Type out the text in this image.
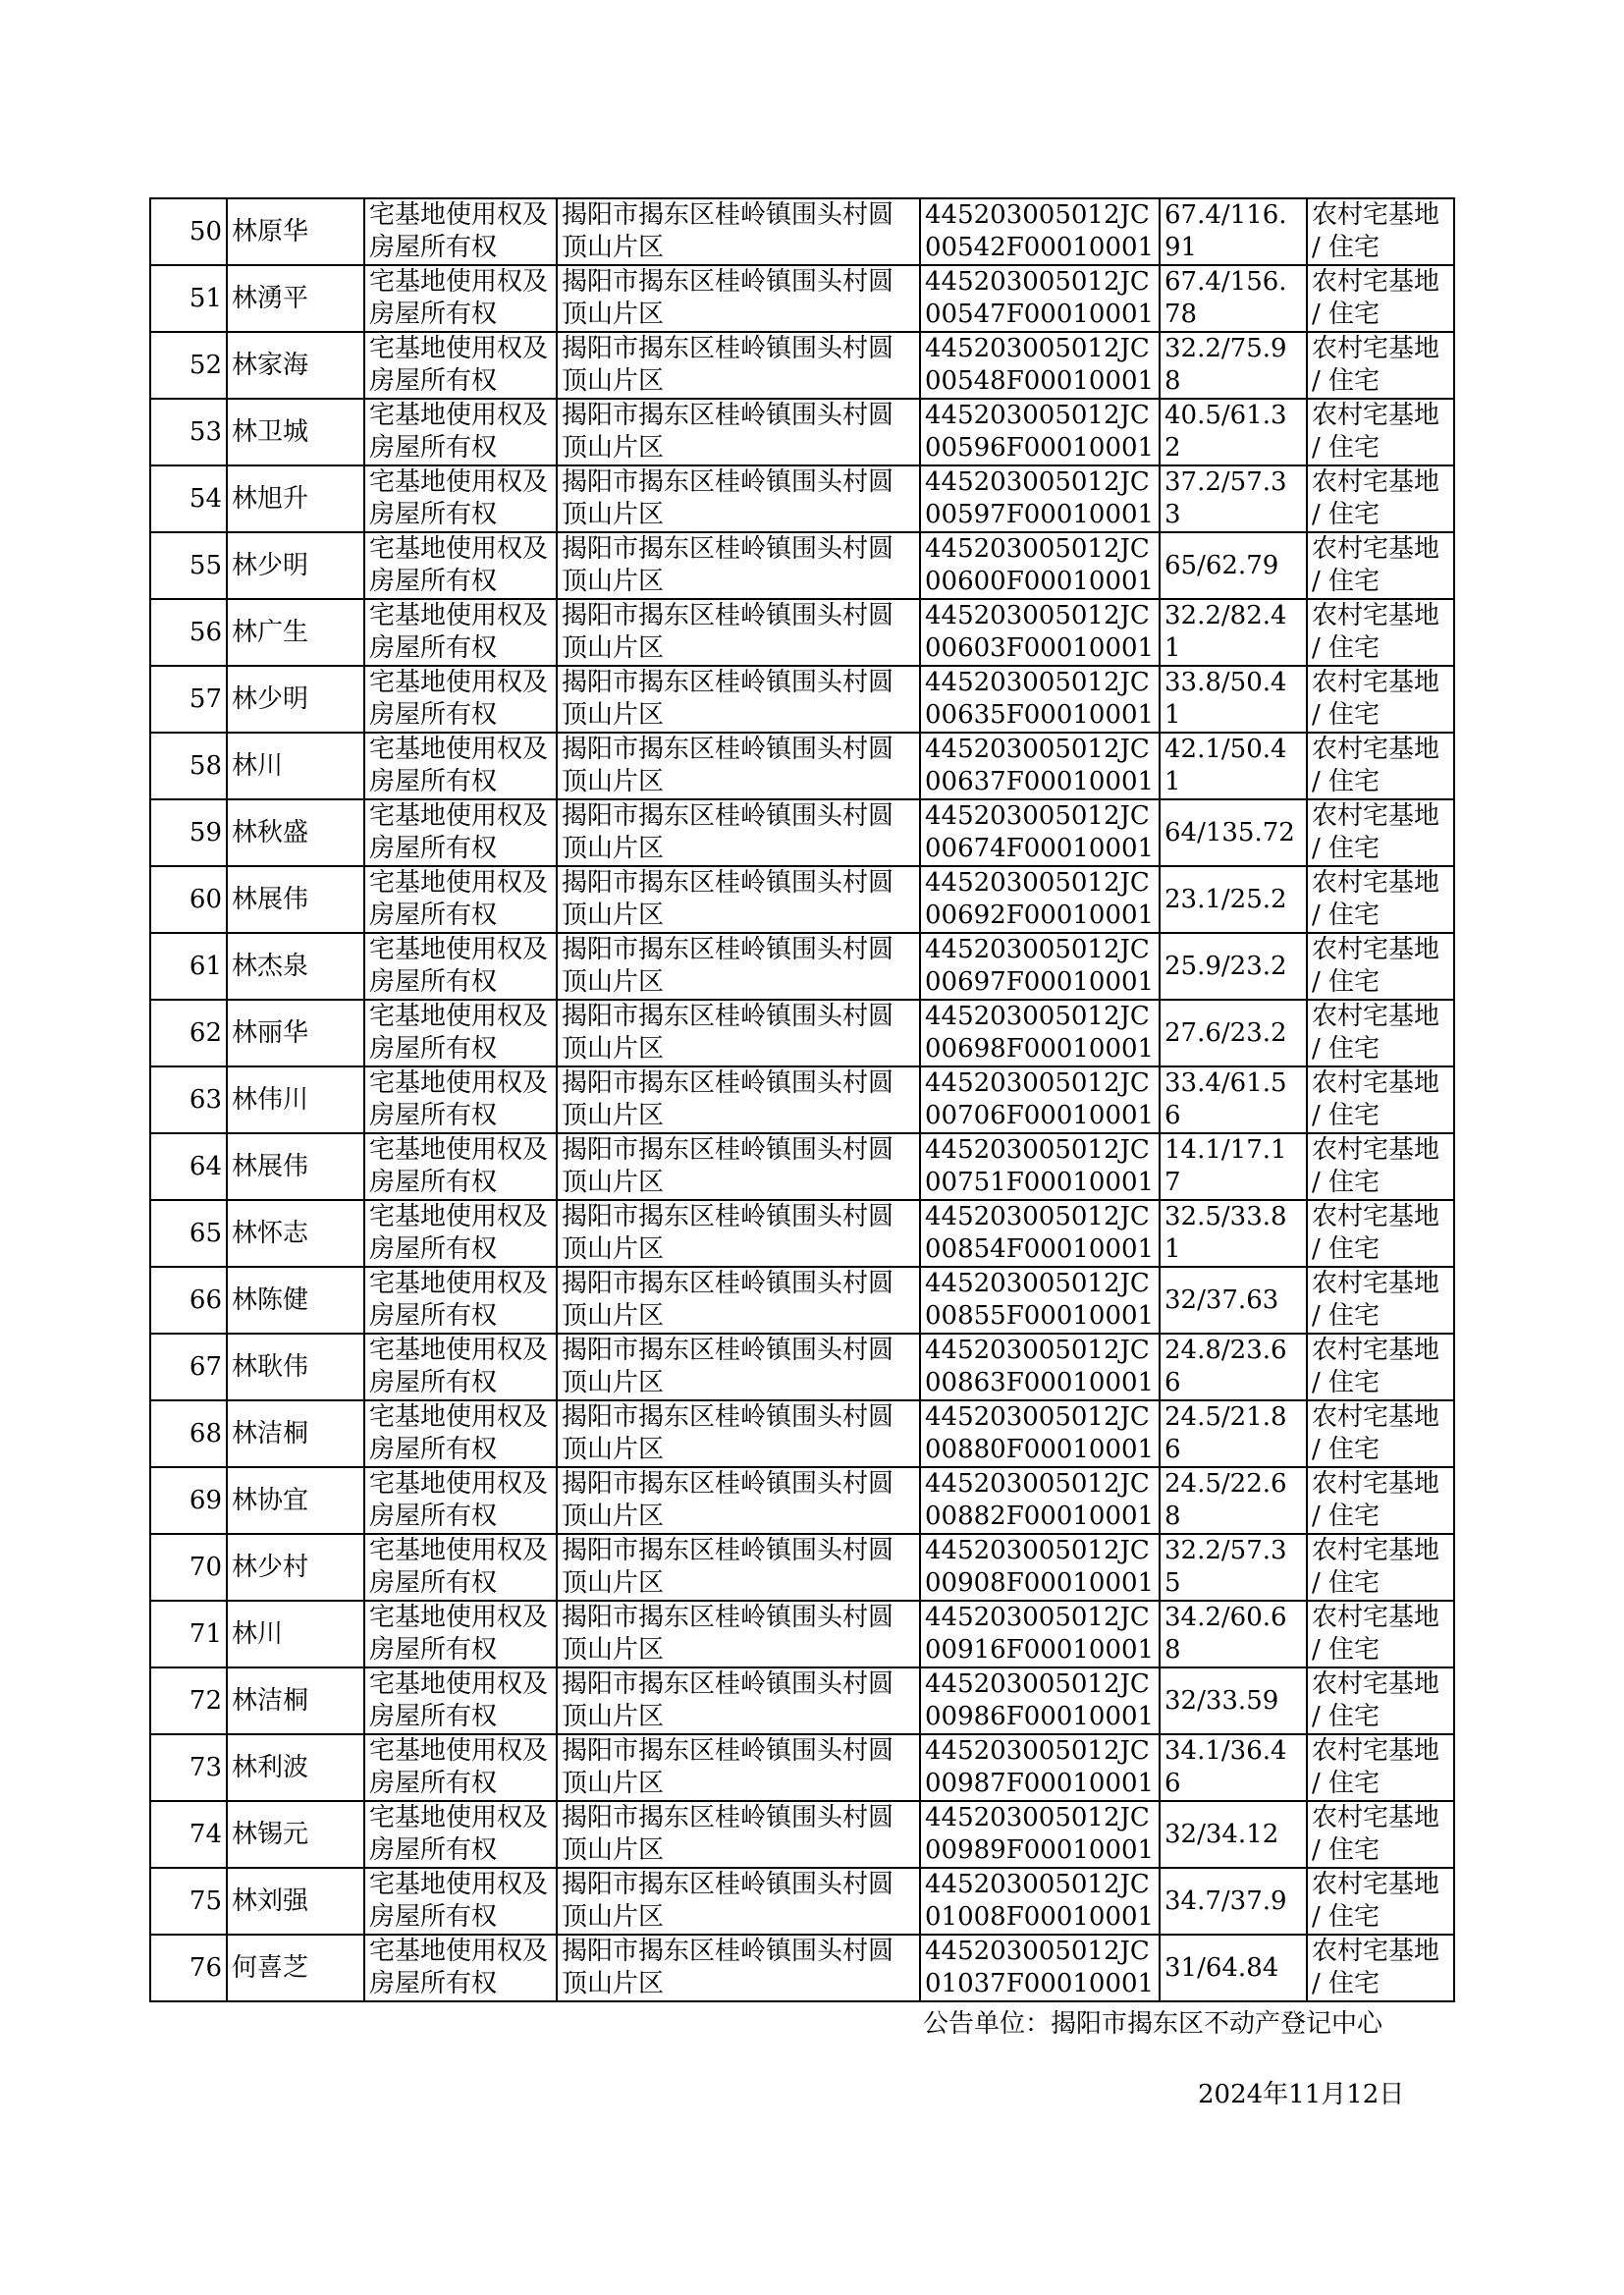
50	林原华	宅基地使用权及房屋所有权	揭阳市揭东区桂岭镇围头村圆顶山片区	445203005012JC00542F00010001	67.4/116.91	农村宅基地 / 住宅
51	林湧平	宅基地使用权及房屋所有权	揭阳市揭东区桂岭镇围头村圆顶山片区	445203005012JC00547F00010001	67.4/156.78	农村宅基地 / 住宅
52	林家海	宅基地使用权及房屋所有权	揭阳市揭东区桂岭镇围头村圆顶山片区	445203005012JC00548F00010001	32.2/75.98	农村宅基地 / 住宅
53	林卫城	宅基地使用权及房屋所有权	揭阳市揭东区桂岭镇围头村圆顶山片区	445203005012JC00596F00010001	40.5/61.32	农村宅基地 / 住宅
54	林旭升	宅基地使用权及房屋所有权	揭阳市揭东区桂岭镇围头村圆顶山片区	445203005012JC00597F00010001	37.2/57.33	农村宅基地 / 住宅
55	林少明	宅基地使用权及房屋所有权	揭阳市揭东区桂岭镇围头村圆顶山片区	445203005012JC00600F00010001	65/62.79	农村宅基地 / 住宅
56	林广生	宅基地使用权及房屋所有权	揭阳市揭东区桂岭镇围头村圆顶山片区	445203005012JC00603F00010001	32.2/82.41	农村宅基地 / 住宅
57	林少明	宅基地使用权及房屋所有权	揭阳市揭东区桂岭镇围头村圆顶山片区	445203005012JC00635F00010001	33.8/50.41	农村宅基地 / 住宅
58	林川	宅基地使用权及房屋所有权	揭阳市揭东区桂岭镇围头村圆顶山片区	445203005012JC00637F00010001	42.1/50.41	农村宅基地 / 住宅
59	林秋盛	宅基地使用权及房屋所有权	揭阳市揭东区桂岭镇围头村圆顶山片区	445203005012JC00674F00010001	64/135.72	农村宅基地 / 住宅
60	林展伟	宅基地使用权及房屋所有权	揭阳市揭东区桂岭镇围头村圆顶山片区	445203005012JC00692F00010001	23.1/25.2	农村宅基地 / 住宅
61	林杰泉	宅基地使用权及房屋所有权	揭阳市揭东区桂岭镇围头村圆顶山片区	445203005012JC00697F00010001	25.9/23.2	农村宅基地 / 住宅
62	林丽华	宅基地使用权及房屋所有权	揭阳市揭东区桂岭镇围头村圆顶山片区	445203005012JC00698F00010001	27.6/23.2	农村宅基地 / 住宅
63	林伟川	宅基地使用权及房屋所有权	揭阳市揭东区桂岭镇围头村圆顶山片区	445203005012JC00706F00010001	33.4/61.56	农村宅基地 / 住宅
64	林展伟	宅基地使用权及房屋所有权	揭阳市揭东区桂岭镇围头村圆顶山片区	445203005012JC00751F00010001	14.1/17.17	农村宅基地 / 住宅
65	林怀志	宅基地使用权及房屋所有权	揭阳市揭东区桂岭镇围头村圆顶山片区	445203005012JC00854F00010001	32.5/33.81	农村宅基地 / 住宅
66	林陈健	宅基地使用权及房屋所有权	揭阳市揭东区桂岭镇围头村圆顶山片区	445203005012JC00855F00010001	32/37.63	农村宅基地 / 住宅
67	林耿伟	宅基地使用权及房屋所有权	揭阳市揭东区桂岭镇围头村圆顶山片区	445203005012JC00863F00010001	24.8/23.66	农村宅基地 / 住宅
68	林洁桐	宅基地使用权及房屋所有权	揭阳市揭东区桂岭镇围头村圆顶山片区	445203005012JC00880F00010001	24.5/21.86	农村宅基地 / 住宅
69	林协宜	宅基地使用权及房屋所有权	揭阳市揭东区桂岭镇围头村圆顶山片区	445203005012JC00882F00010001	24.5/22.68	农村宅基地 / 住宅
70	林少村	宅基地使用权及房屋所有权	揭阳市揭东区桂岭镇围头村圆顶山片区	445203005012JC00908F00010001	32.2/57.35	农村宅基地 / 住宅
71	林川	宅基地使用权及房屋所有权	揭阳市揭东区桂岭镇围头村圆顶山片区	445203005012JC00916F00010001	34.2/60.68	农村宅基地 / 住宅
72	林洁桐	宅基地使用权及房屋所有权	揭阳市揭东区桂岭镇围头村圆顶山片区	445203005012JC00986F00010001	32/33.59	农村宅基地 / 住宅
73	林利波	宅基地使用权及房屋所有权	揭阳市揭东区桂岭镇围头村圆顶山片区	445203005012JC00987F00010001	34.1/36.46	农村宅基地 / 住宅
74	林锡元	宅基地使用权及房屋所有权	揭阳市揭东区桂岭镇围头村圆顶山片区	445203005012JC00989F00010001	32/34.12	农村宅基地 / 住宅
75	林刘强	宅基地使用权及房屋所有权	揭阳市揭东区桂岭镇围头村圆顶山片区	445203005012JC01008F00010001	34.7/37.9	农村宅基地 / 住宅
76	何喜芝	宅基地使用权及房屋所有权	揭阳市揭东区桂岭镇围头村圆顶山片区	445203005012JC01037F00010001	31/64.84	农村宅基地 / 住宅
公告单位：揭阳市揭东区不动产登记中心
2024年11月12日
